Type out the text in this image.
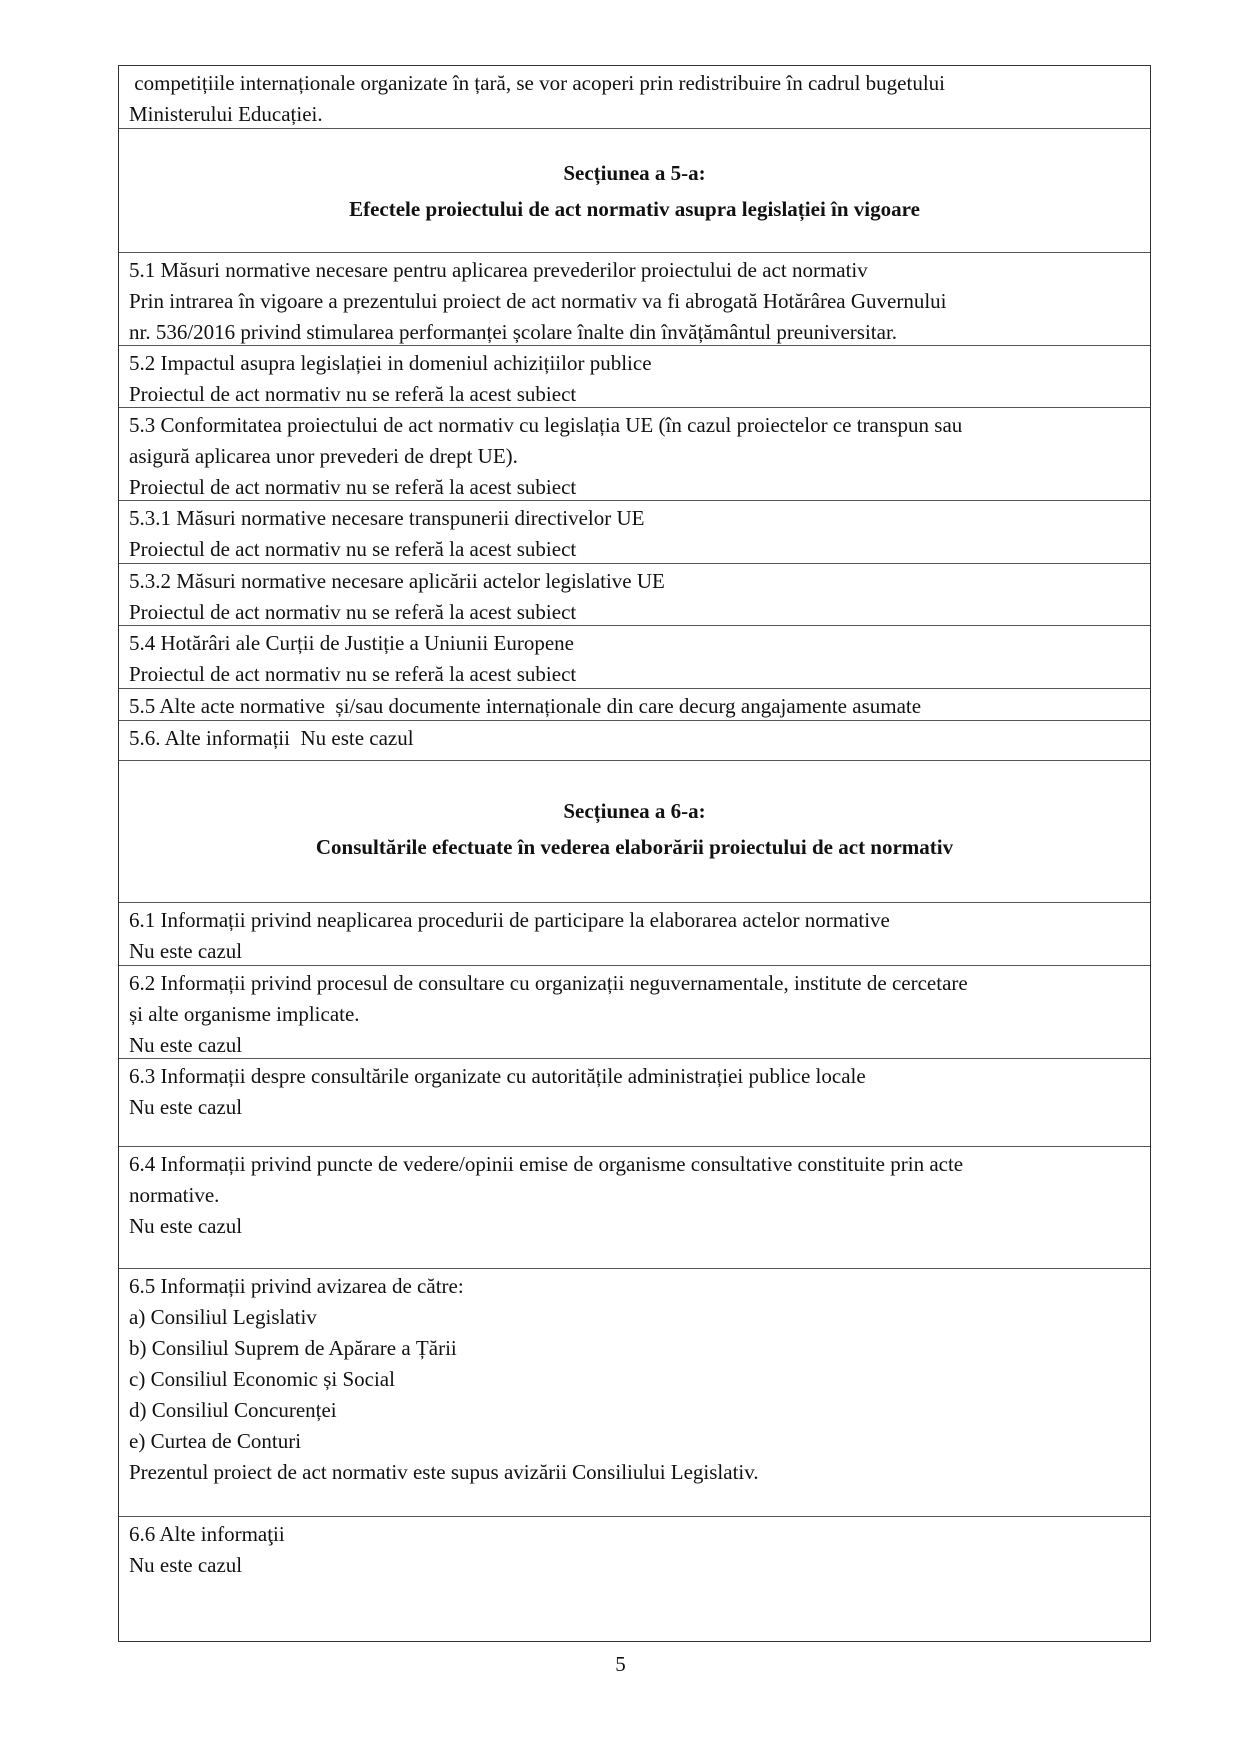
competițiile internaționale organizate în țară, se vor acoperi prin redistribuire în cadrul bugetului
Ministerului Educației.
Secțiunea a 5-a:
Efectele proiectului de act normativ asupra legislației în vigoare
5.1 Măsuri normative necesare pentru aplicarea prevederilor proiectului de act normativ
Prin intrarea în vigoare a prezentului proiect de act normativ va fi abrogată Hotărârea Guvernului
nr. 536/2016 privind stimularea performanței școlare înalte din învățământul preuniversitar.
5.2 Impactul asupra legislației in domeniul achizițiilor publice
Proiectul de act normativ nu se referă la acest subiect
5.3 Conformitatea proiectului de act normativ cu legislația UE (în cazul proiectelor ce transpun sau
asigură aplicarea unor prevederi de drept UE).
Proiectul de act normativ nu se referă la acest subiect
5.3.1 Măsuri normative necesare transpunerii directivelor UE
Proiectul de act normativ nu se referă la acest subiect
5.3.2 Măsuri normative necesare aplicării actelor legislative UE
Proiectul de act normativ nu se referă la acest subiect
5.4 Hotărâri ale Curții de Justiție a Uniunii Europene
Proiectul de act normativ nu se referă la acest subiect
5.5 Alte acte normative  și/sau documente internaționale din care decurg angajamente asumate
5.6. Alte informații  Nu este cazul
Secțiunea a 6-a:
Consultările efectuate în vederea elaborării proiectului de act normativ
6.1 Informații privind neaplicarea procedurii de participare la elaborarea actelor normative
Nu este cazul
6.2 Informații privind procesul de consultare cu organizații neguvernamentale, institute de cercetare
și alte organisme implicate.
Nu este cazul
6.3 Informații despre consultările organizate cu autoritățile administrației publice locale
Nu este cazul
6.4 Informații privind puncte de vedere/opinii emise de organisme consultative constituite prin acte
normative.
Nu este cazul
6.5 Informații privind avizarea de către:
a) Consiliul Legislativ
b) Consiliul Suprem de Apărare a Țării
c) Consiliul Economic și Social
d) Consiliul Concurenței
e) Curtea de Conturi
Prezentul proiect de act normativ este supus avizării Consiliului Legislativ.
6.6 Alte informaţii
Nu este cazul
5
